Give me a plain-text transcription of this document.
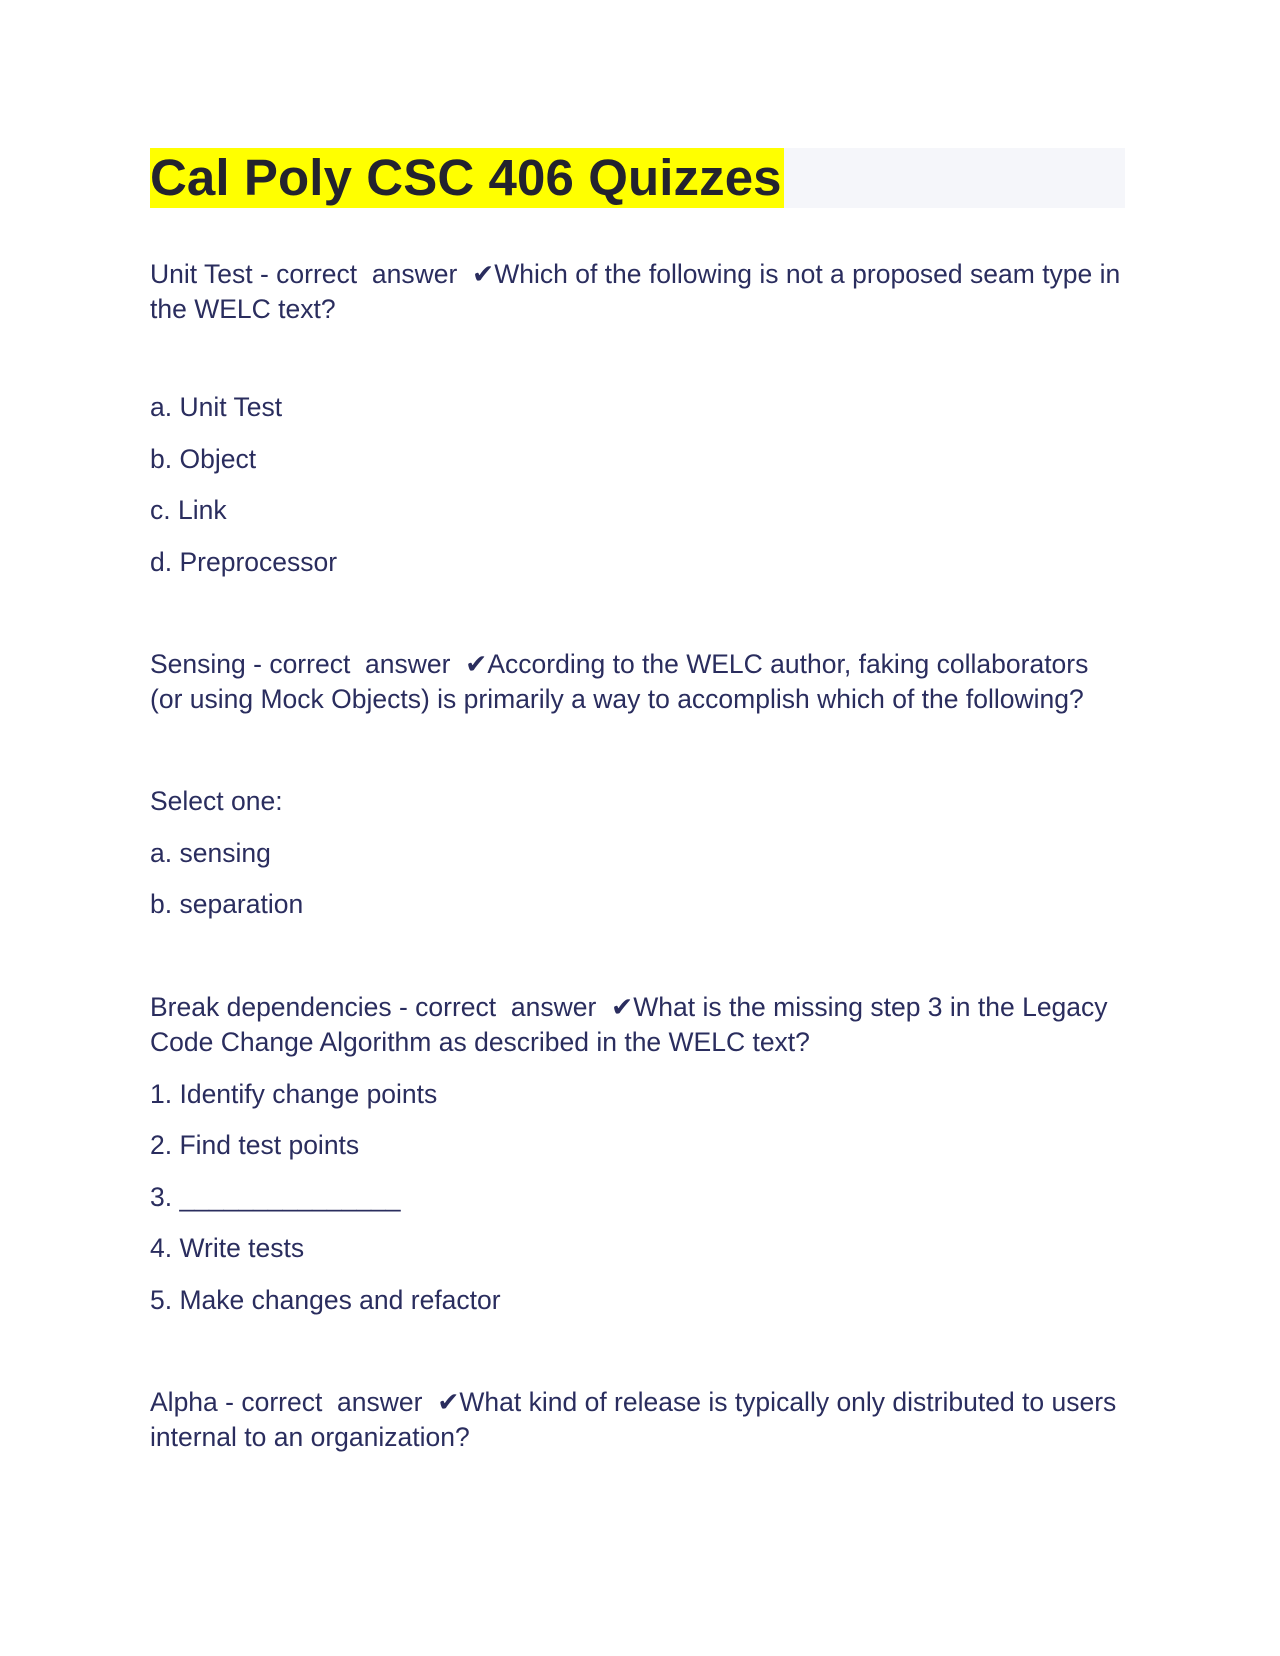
Cal Poly CSC 406 Quizzes

Unit Test - correct  answer  ✔Which of the following is not a proposed seam type in the WELC text?

a. Unit Test

b. Object

c. Link

d. Preprocessor

Sensing - correct  answer  ✔According to the WELC author, faking collaborators (or using Mock Objects) is primarily a way to accomplish which of the following?

Select one:

a. sensing

b. separation

Break dependencies - correct  answer  ✔What is the missing step 3 in the Legacy Code Change Algorithm as described in the WELC text?

1. Identify change points

2. Find test points

3. _______________

4. Write tests

5. Make changes and refactor

Alpha - correct  answer  ✔What kind of release is typically only distributed to users internal to an organization?
